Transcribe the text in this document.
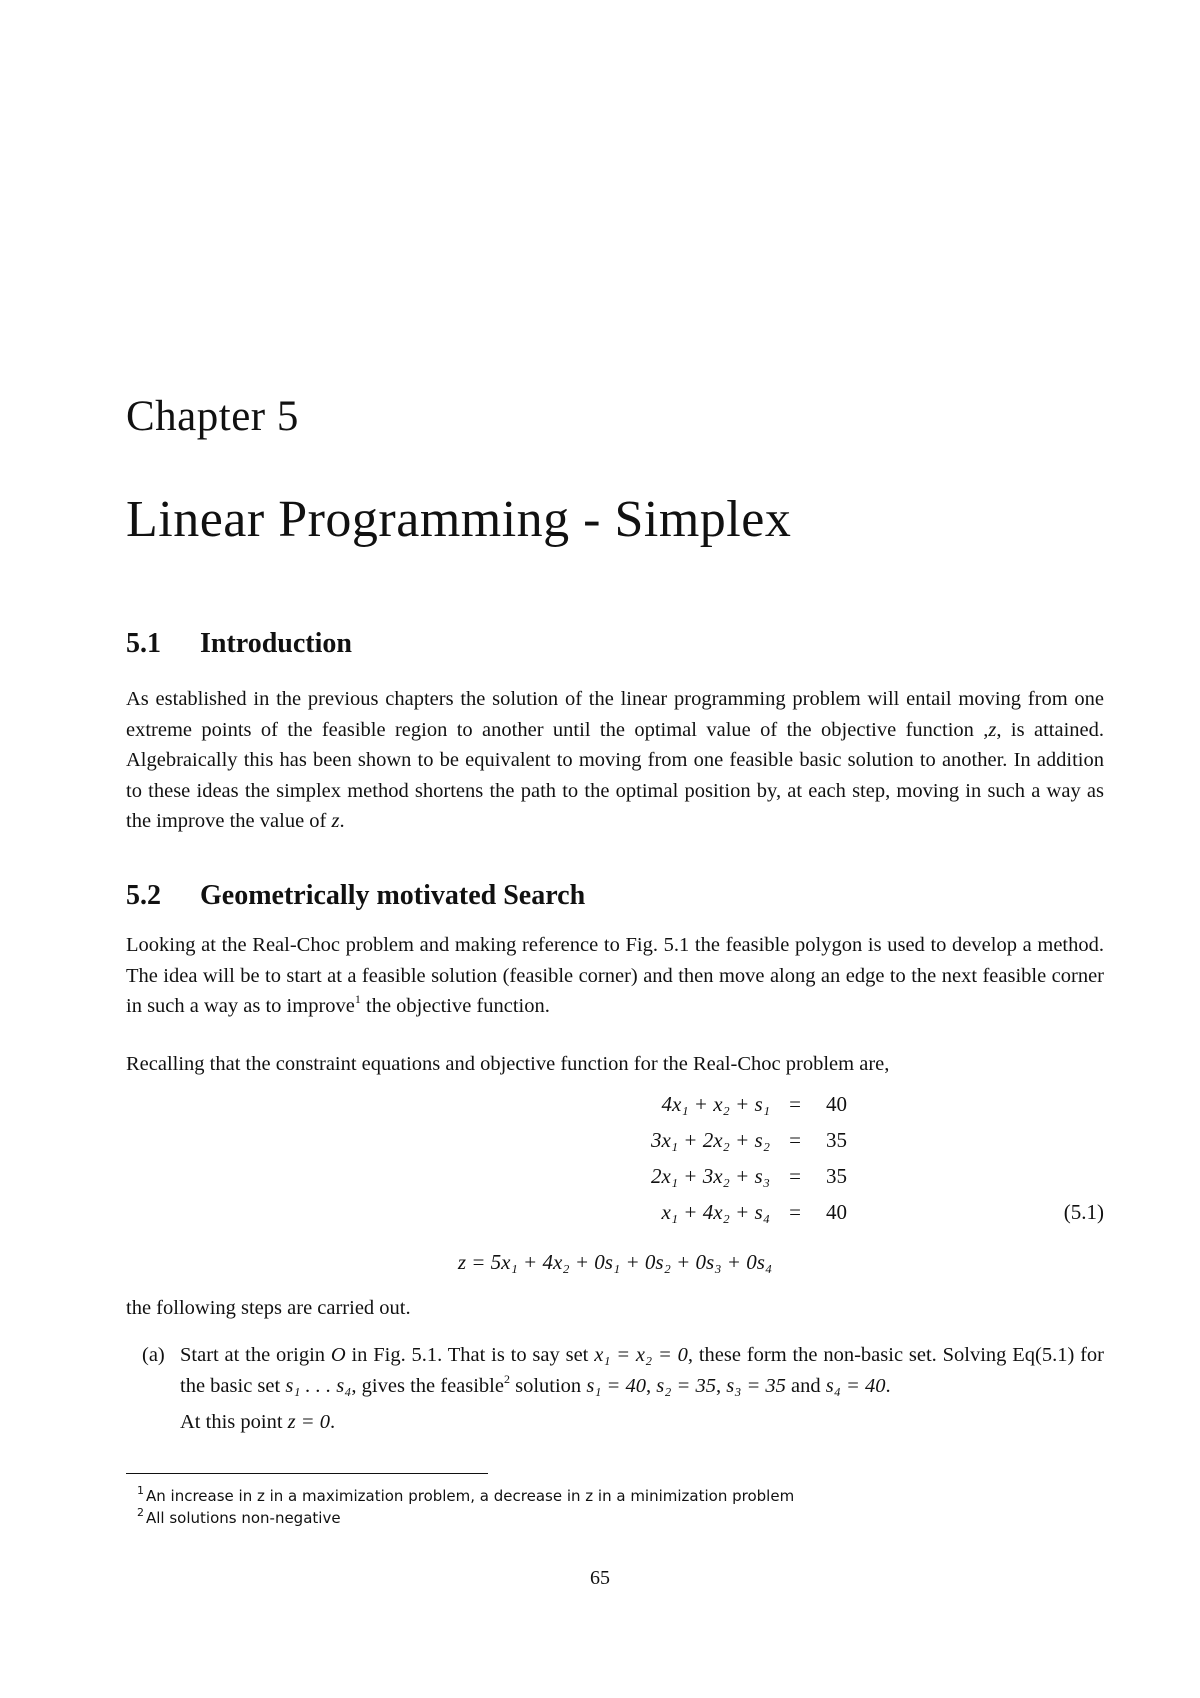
Chapter 5
Linear Programming - Simplex
5.1 Introduction
As established in the previous chapters the solution of the linear programming problem will entail moving from one extreme points of the feasible region to another until the optimal value of the objective function ,z, is attained. Algebraically this has been shown to be equivalent to moving from one feasible basic solution to another. In addition to these ideas the simplex method shortens the path to the optimal position by, at each step, moving in such a way as the improve the value of z.
5.2 Geometrically motivated Search
Looking at the Real-Choc problem and making reference to Fig. 5.1 the feasible polygon is used to develop a method. The idea will be to start at a feasible solution (feasible corner) and then move along an edge to the next feasible corner in such a way as to improve$^1$ the objective function.
Recalling that the constraint equations and objective function for the Real-Choc problem are,
4x₁ + x₂ + s₁ =	40
3x₁ + 2x₂ + s₂ =	35
2x₁ + 3x₂ + s₃ =	35
x₁ + 4x₂ + s₄ =	40	(5.1)
z = 5x₁ + 4x₂ + 0s₁ + 0s₂ + 0s₃ + 0s₄
the following steps are carried out.
(a) Start at the origin O in Fig. 5.1. That is to say set x₁ = x₂ = 0, these form the non-basic set. Solving Eq(5.1) for the basic set s₁ . . . s₄, gives the feasible$^2$ solution s₁ = 40, s₂ = 35, s₃ = 35 and s₄ = 40.

At this point z = 0.

1 An increase in z in a maximization problem, a decrease in z in a minimization problem
2 All solutions non-negative
65
